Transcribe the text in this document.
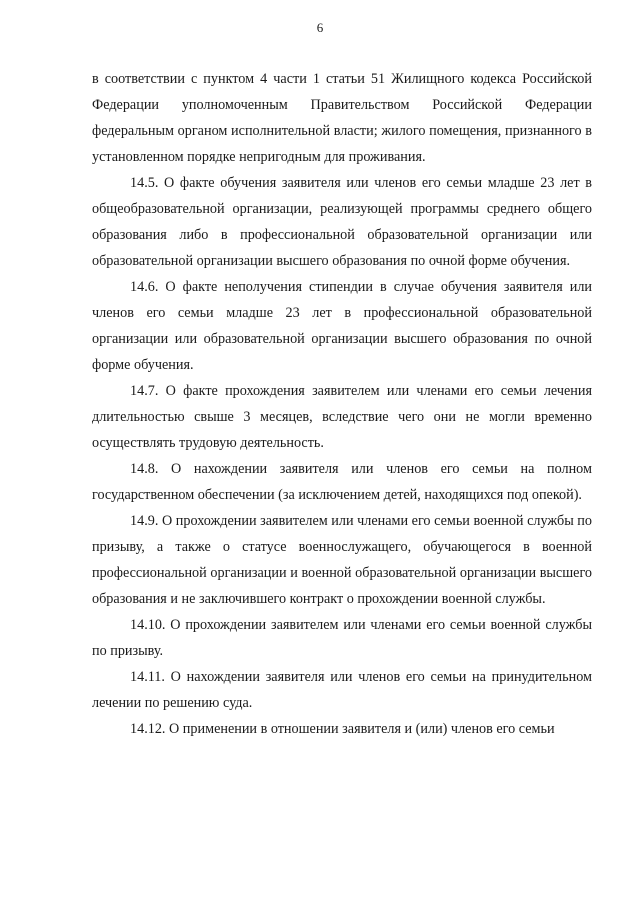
6

в соответствии с пунктом 4 части 1 статьи 51 Жилищного кодекса Российской Федерации уполномоченным Правительством Российской Федерации федеральным органом исполнительной власти; жилого помещения, признанного в установленном порядке непригодным для проживания.

14.5. О факте обучения заявителя или членов его семьи младше 23 лет в общеобразовательной организации, реализующей программы среднего общего образования либо в профессиональной образовательной организации или образовательной организации высшего образования по очной форме обучения.

14.6. О факте неполучения стипендии в случае обучения заявителя или членов его семьи младше 23 лет в профессиональной образовательной организации или образовательной организации высшего образования по очной форме обучения.

14.7. О факте прохождения заявителем или членами его семьи лечения длительностью свыше 3 месяцев, вследствие чего они не могли временно осуществлять трудовую деятельность.

14.8. О нахождении заявителя или членов его семьи на полном государственном обеспечении (за исключением детей, находящихся под опекой).

14.9. О прохождении заявителем или членами его семьи военной службы по призыву, а также о статусе военнослужащего, обучающегося в военной профессиональной организации и военной образовательной организации высшего образования и не заключившего контракт о прохождении военной службы.

14.10. О прохождении заявителем или членами его семьи военной службы по призыву.

14.11. О нахождении заявителя или членов его семьи на принудительном лечении по решению суда.

14.12. О применении в отношении заявителя и (или) членов его семьи
